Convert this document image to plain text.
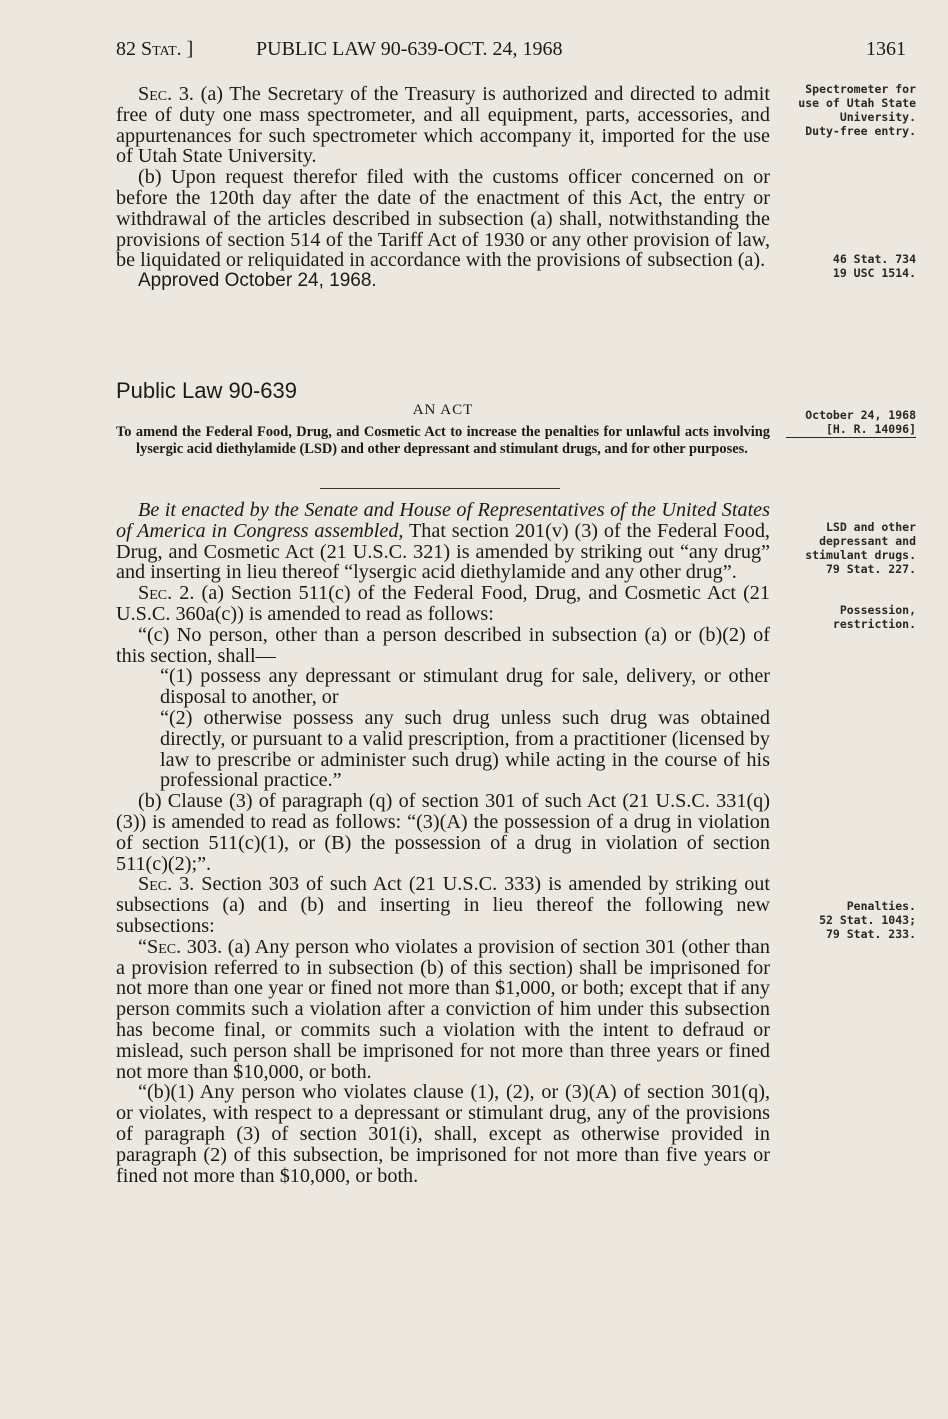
82 Stat. ]	PUBLIC LAW 90-639-OCT. 24, 1968	1361

Sec. 3. (a) The Secretary of the Treasury is authorized and directed to admit free of duty one mass spectrometer, and all equipment, parts, accessories, and appurtenances for such spectrometer which accompany it, imported for the use of Utah State University.

(b) Upon request therefor filed with the customs officer concerned on or before the 120th day after the date of the enactment of this Act, the entry or withdrawal of the articles described in subsection (a) shall, notwithstanding the provisions of section 514 of the Tariff Act of 1930 or any other provision of law, be liquidated or reliquidated in accordance with the provisions of subsection (a).

Approved October 24, 1968.

Public Law 90-639
AN ACT

To amend the Federal Food, Drug, and Cosmetic Act to increase the penalties for unlawful acts involving lysergic acid diethylamide (LSD) and other depressant and stimulant drugs, and for other purposes.

Be it enacted by the Senate and House of Representatives of the United States of America in Congress assembled, That section 201(v) (3) of the Federal Food, Drug, and Cosmetic Act (21 U.S.C. 321) is amended by striking out “any drug” and inserting in lieu thereof “lysergic acid diethylamide and any other drug”.

Sec. 2. (a) Section 511(c) of the Federal Food, Drug, and Cosmetic Act (21 U.S.C. 360a(c)) is amended to read as follows:

“(c) No person, other than a person described in subsection (a) or (b)(2) of this section, shall—

“(1) possess any depressant or stimulant drug for sale, delivery, or other disposal to another, or

“(2) otherwise possess any such drug unless such drug was obtained directly, or pursuant to a valid prescription, from a practitioner (licensed by law to prescribe or administer such drug) while acting in the course of his professional practice.”

(b) Clause (3) of paragraph (q) of section 301 of such Act (21 U.S.C. 331(q)(3)) is amended to read as follows: “(3)(A) the possession of a drug in violation of section 511(c)(1), or (B) the possession of a drug in violation of section 511(c)(2);”.

Sec. 3. Section 303 of such Act (21 U.S.C. 333) is amended by striking out subsections (a) and (b) and inserting in lieu thereof the following new subsections:

“Sec. 303. (a) Any person who violates a provision of section 301 (other than a provision referred to in subsection (b) of this section) shall be imprisoned for not more than one year or fined not more than $1,000, or both; except that if any person commits such a violation after a conviction of him under this subsection has become final, or commits such a violation with the intent to defraud or mislead, such person shall be imprisoned for not more than three years or fined not more than $10,000, or both.

“(b)(1) Any person who violates clause (1), (2), or (3)(A) of section 301(q), or violates, with respect to a depressant or stimulant drug, any of the provisions of paragraph (3) of section 301(i), shall, except as otherwise provided in paragraph (2) of this subsection, be imprisoned for not more than five years or fined not more than $10,000, or both.

Spectrometer for
use of Utah State
University.
Duty-free entry.
46 Stat. 734
19 USC 1514.
October 24, 1968
[H. R. 14096]
LSD and other
depressant and
stimulant drugs.
79 Stat. 227.
Possession,
restriction.
Penalties.
52 Stat. 1043;
79 Stat. 233.
